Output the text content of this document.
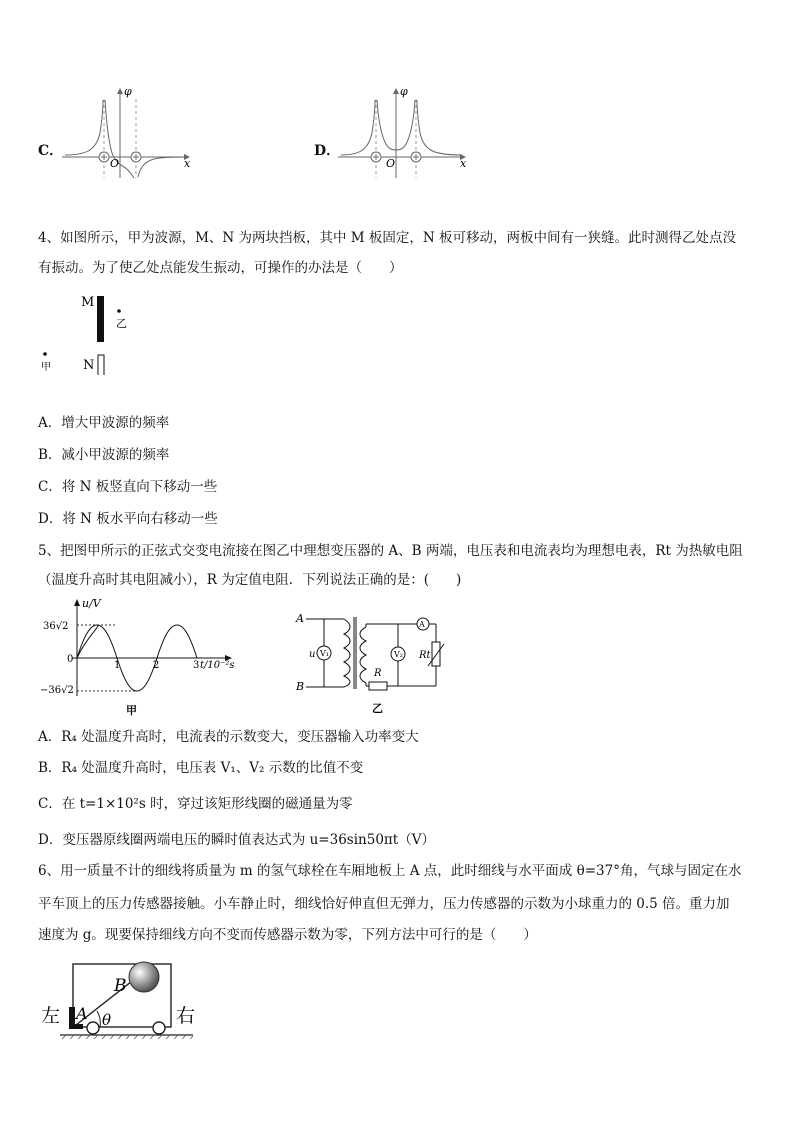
C．
φ
O	x
D．
φ
O	x
4、如图所示，甲为波源，M、N 为两块挡板，其中 M 板固定，N 板可移动，两板中间有一狭缝。此时测得乙处点没
有振动。为了使乙处点能发生振动，可操作的办法是（　　）
M
乙
甲 N
A．增大甲波源的频率
B．减小甲波源的频率
C．将 N 板竖直向下移动一些
D．将 N 板水平向右移动一些
5、把图甲所示的正弦式交变电流接在图乙中理想变压器的 A、B 两端，电压表和电流表均为理想电表，Rt 为热敏电阻
（温度升高时其电阻减小），R 为定值电阻．下列说法正确的是：(　　)
u/V
36√2
−36√2
0
1	2	3 t/10⁻²s
甲
A
B
V₁
u
R
V₂
A
Rt
乙
A．R₄ 处温度升高时，电流表的示数变大，变压器输入功率变大
B．R₄ 处温度升高时，电压表 V₁、V₂ 示数的比值不变
C．在 t=1×10²s 时，穿过该矩形线圈的磁通量为零
D．变压器原线圈两端电压的瞬时值表达式为 u=36sin50πt（V）
6、用一质量不计的细线将质量为 m 的氢气球栓在车厢地板上 A 点，此时细线与水平面成 θ=37°角，气球与固定在水
平车顶上的压力传感器接触。小车静止时，细线恰好伸直但无弹力，压力传感器的示数为小球重力的 0.5 倍。重力加
速度为 g。现要保持细线方向不变而传感器示数为零，下列方法中可行的是（　　）
B
A θ
左	右
